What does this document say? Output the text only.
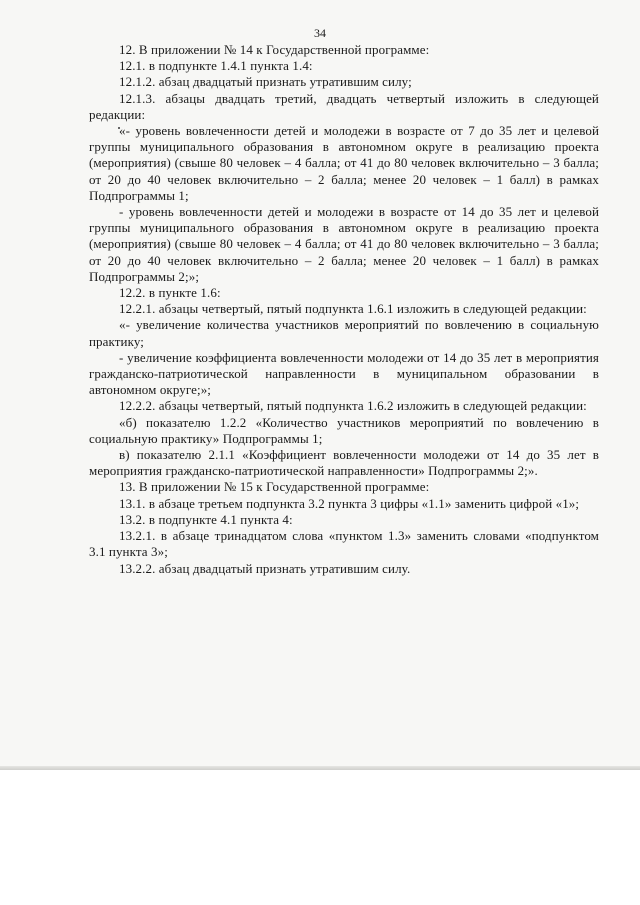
34

12. В приложении № 14 к Государственной программе:

12.1. в подпункте 1.4.1 пункта 1.4:

12.1.2. абзац двадцатый признать утратившим силу;

12.1.3. абзацы двадцать третий, двадцать четвертый изложить в следующей редакции:

«- уровень вовлеченности детей и молодежи в возрасте от 7 до 35 лет и целевой группы муниципального образования в автономном округе в реализацию проекта (мероприятия) (свыше 80 человек – 4 балла; от 41 до 80 человек включительно – 3 балла; от 20 до 40 человек включительно – 2 балла; менее 20 человек – 1 балл) в рамках Подпрограммы 1;

- уровень вовлеченности детей и молодежи в возрасте от 14 до 35 лет и целевой группы муниципального образования в автономном округе в реализацию проекта (мероприятия) (свыше 80 человек – 4 балла; от 41 до 80 человек включительно – 3 балла; от 20 до 40 человек включительно – 2 балла; менее 20 человек – 1 балл) в рамках Подпрограммы 2;»;

12.2. в пункте 1.6:

12.2.1. абзацы четвертый, пятый подпункта 1.6.1 изложить в следующей редакции:

«- увеличение количества участников мероприятий по вовлечению в социальную практику;

- увеличение коэффициента вовлеченности молодежи от 14 до 35 лет в мероприятия гражданско-патриотической направленности в муниципальном образовании в автономном округе;»;

12.2.2. абзацы четвертый, пятый подпункта 1.6.2 изложить в следующей редакции:

«б) показателю 1.2.2 «Количество участников мероприятий по вовлечению в социальную практику» Подпрограммы 1;

в) показателю 2.1.1 «Коэффициент вовлеченности молодежи от 14 до 35 лет в мероприятия гражданско-патриотической направленности» Подпрограммы 2;».

13. В приложении № 15 к Государственной программе:

13.1. в абзаце третьем подпункта 3.2 пункта 3 цифры «1.1» заменить цифрой «1»;

13.2. в подпункте 4.1 пункта 4:

13.2.1. в абзаце тринадцатом слова «пунктом 1.3» заменить словами «подпунктом 3.1 пункта 3»;

13.2.2. абзац двадцатый признать утратившим силу.
